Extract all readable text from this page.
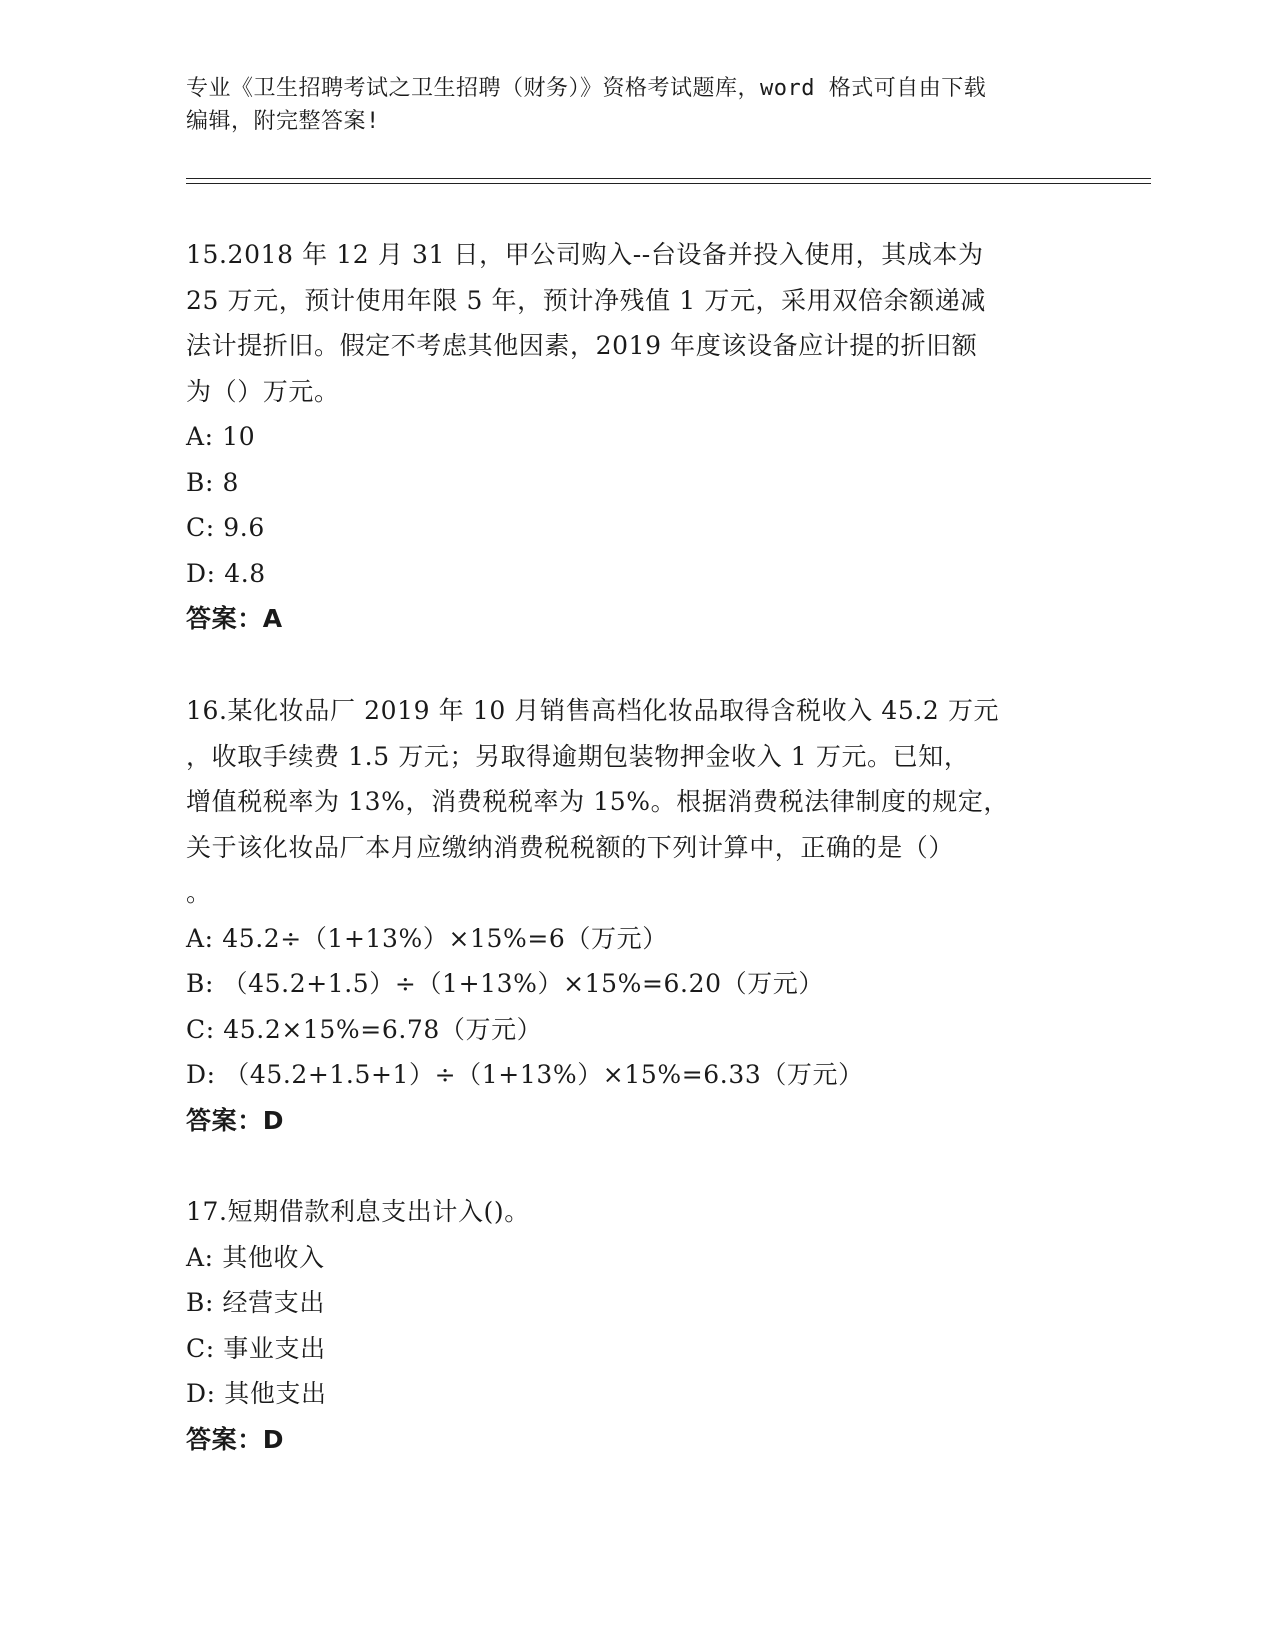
专业《卫生招聘考试之卫生招聘（财务）》资格考试题库，word 格式可自由下载
编辑，附完整答案!
15.2018 年 12 月 31 日，甲公司购入--台设备并投入使用，其成本为
25 万元，预计使用年限 5 年，预计净残值 1 万元，采用双倍余额递减
法计提折旧。假定不考虑其他因素，2019 年度该设备应计提的折旧额
为（）万元。
A: 10
B: 8
C: 9.6
D: 4.8
答案：A
16.某化妆品厂 2019 年 10 月销售高档化妆品取得含税收入 45.2 万元
，收取手续费 1.5 万元；另取得逾期包装物押金收入 1 万元。已知，
增值税税率为 13%，消费税税率为 15%。根据消费税法律制度的规定，
关于该化妆品厂本月应缴纳消费税税额的下列计算中，正确的是（）
。
A: 45.2÷（1+13%）×15%=6（万元）
B: （45.2+1.5）÷（1+13%）×15%=6.20（万元）
C: 45.2×15%=6.78（万元）
D: （45.2+1.5+1）÷（1+13%）×15%=6.33（万元）
答案：D
17.短期借款利息支出计入()。
A: 其他收入
B: 经营支出
C: 事业支出
D: 其他支出
答案：D
